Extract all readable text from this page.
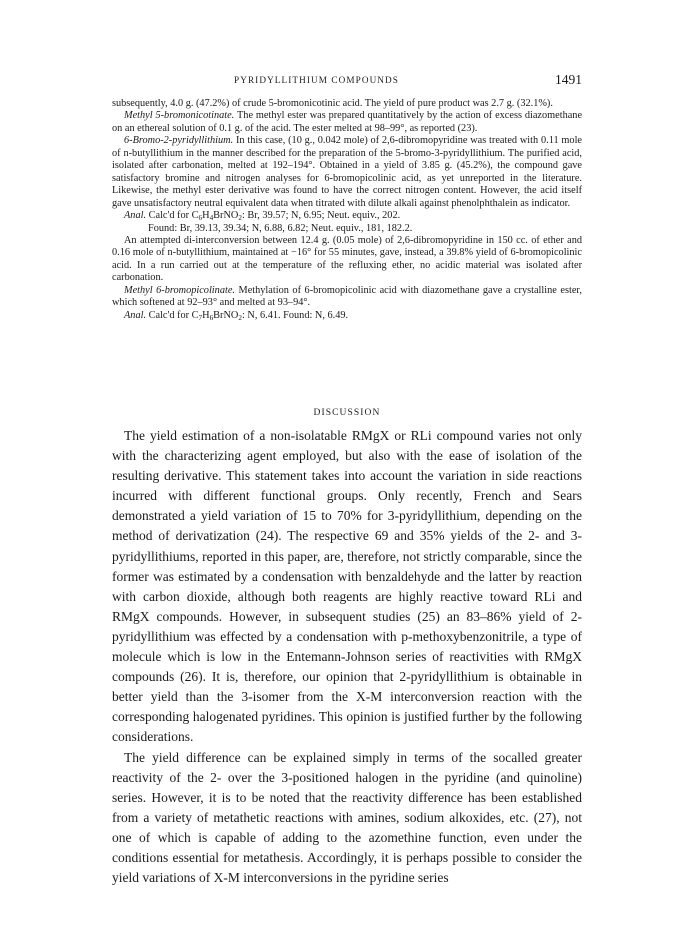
PYRIDYLLITHIUM COMPOUNDS	1491

subsequently, 4.0 g. (47.2%) of crude 5-bromonicotinic acid. The yield of pure product was 2.7 g. (32.1%).

Methyl 5-bromonicotinate. The methyl ester was prepared quantitatively by the action of excess diazomethane on an ethereal solution of 0.1 g. of the acid. The ester melted at 98–99°, as reported (23).

6-Bromo-2-pyridyllithium. In this case, (10 g., 0.042 mole) of 2,6-dibromopyridine was treated with 0.11 mole of n-butyllithium in the manner described for the preparation of the 5-bromo-3-pyridyllithium. The purified acid, isolated after carbonation, melted at 192–194°. Obtained in a yield of 3.85 g. (45.2%), the compound gave satisfactory bromine and nitrogen analyses for 6-bromopicolinic acid, as yet unreported in the literature. Likewise, the methyl ester derivative was found to have the correct nitrogen content. However, the acid itself gave unsatisfactory neutral equivalent data when titrated with dilute alkali against phenolphthalein as indicator.

Anal. Calc'd for $C_6H_4BrNO_2$: Br, 39.57; N, 6.95; Neut. equiv., 202.

Found: Br, 39.13, 39.34; N, 6.88, 6.82; Neut. equiv., 181, 182.2.

An attempted di-interconversion between 12.4 g. (0.05 mole) of 2,6-dibromopyridine in 150 cc. of ether and 0.16 mole of n-butyllithium, maintained at −16° for 55 minutes, gave, instead, a 39.8% yield of 6-bromopicolinic acid. In a run carried out at the temperature of the refluxing ether, no acidic material was isolated after carbonation.

Methyl 6-bromopicolinate. Methylation of 6-bromopicolinic acid with diazomethane gave a crystalline ester, which softened at 92–93° and melted at 93–94°.

Anal. Calc'd for $C_7H_6BrNO_2$: N, 6.41. Found: N, 6.49.

DISCUSSION

The yield estimation of a non-isolatable RMgX or RLi compound varies not only with the characterizing agent employed, but also with the ease of isolation of the resulting derivative. This statement takes into account the variation in side reactions incurred with different functional groups. Only recently, French and Sears demonstrated a yield variation of 15 to 70% for 3-pyridyllithium, depending on the method of derivatization (24). The respective 69 and 35% yields of the 2- and 3-pyridyllithiums, reported in this paper, are, therefore, not strictly comparable, since the former was estimated by a condensation with benzaldehyde and the latter by reaction with carbon dioxide, although both reagents are highly reactive toward RLi and RMgX compounds. However, in subsequent studies (25) an 83–86% yield of 2-pyridyllithium was effected by a condensation with p-methoxybenzonitrile, a type of molecule which is low in the Entemann-Johnson series of reactivities with RMgX compounds (26). It is, therefore, our opinion that 2-pyridyllithium is obtainable in better yield than the 3-isomer from the X-M interconversion reaction with the corresponding halogenated pyridines. This opinion is justified further by the following considerations.

The yield difference can be explained simply in terms of the socalled greater reactivity of the 2- over the 3-positioned halogen in the pyridine (and quinoline) series. However, it is to be noted that the reactivity difference has been established from a variety of metathetic reactions with amines, sodium alkoxides, etc. (27), not one of which is capable of adding to the azomethine function, even under the conditions essential for metathesis. Accordingly, it is perhaps possible to consider the yield variations of X-M interconversions in the pyridine series
